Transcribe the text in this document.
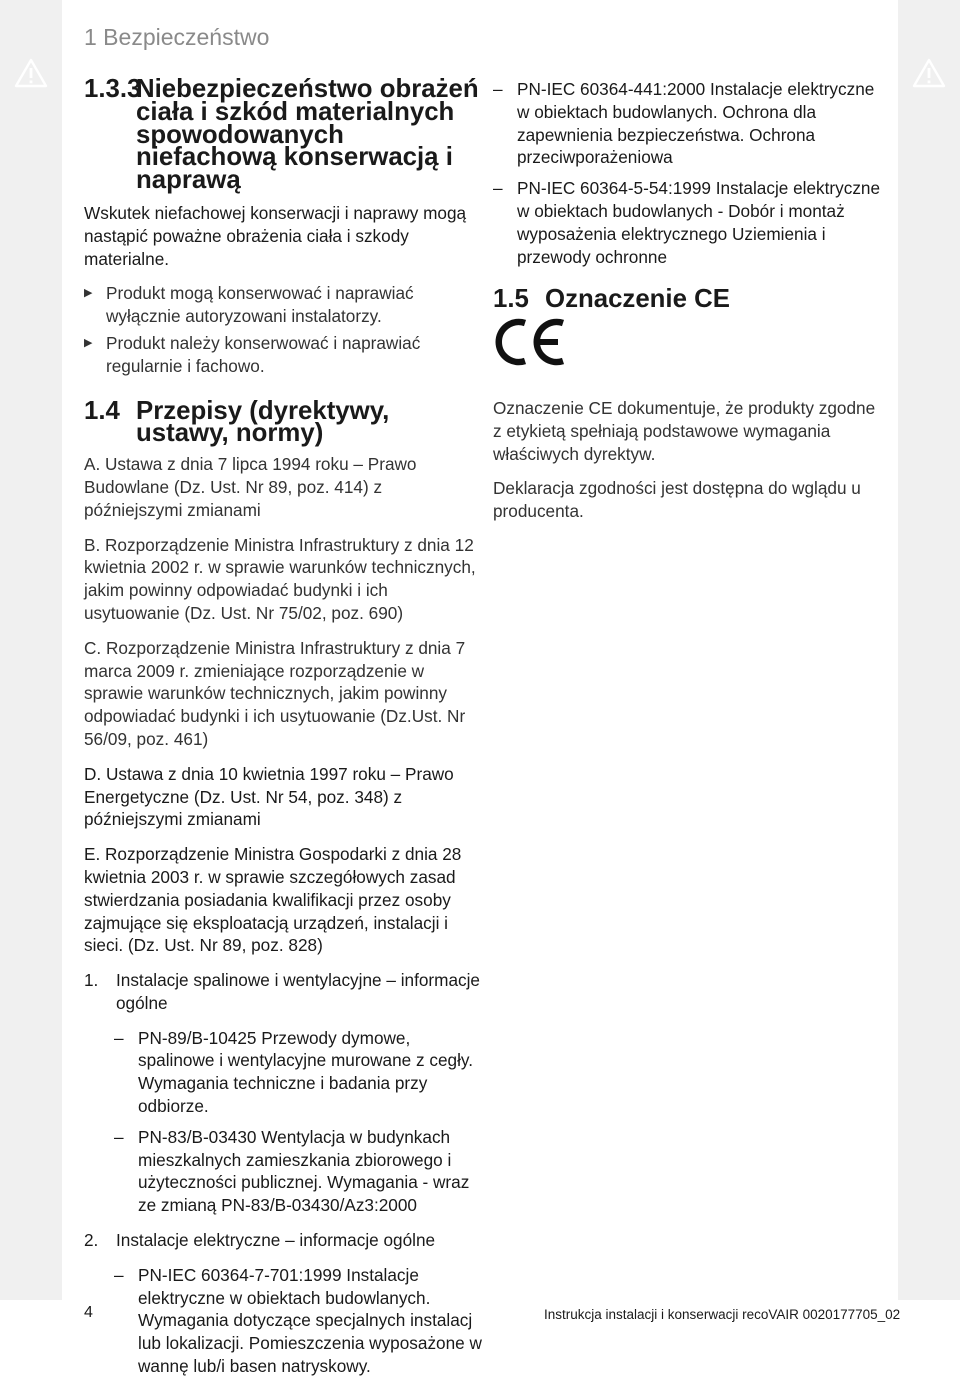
1 Bezpieczeństwo
1.3.3
Niebezpieczeństwo obrażeń ciała i szkód materialnych spowodowanych niefachową konserwacją i naprawą

Wskutek niefachowej konserwacji i naprawy mogą nastąpić poważne obrażenia ciała i szkody materialne.

▶ Produkt mogą konserwować i naprawiać wyłącznie autoryzowani instalatorzy.
▶ Produkt należy konserwować i naprawiać regularnie i fachowo.
1.4 Przepisy (dyrektywy, ustawy, normy)

A. Ustawa z dnia 7 lipca 1994 roku – Prawo Budowlane (Dz. Ust. Nr 89, poz. 414) z późniejszymi zmianami

B. Rozporządzenie Ministra Infrastruktury z dnia 12 kwietnia 2002 r. w sprawie warunków technicznych, jakim powinny odpowiadać budynki i ich usytuowanie (Dz. Ust. Nr 75/02, poz. 690)

C. Rozporządzenie Ministra Infrastruktury z dnia 7 marca 2009 r. zmieniające rozporządzenie w sprawie warunków technicznych, jakim powinny odpowiadać budynki i ich usytuowanie (Dz.Ust. Nr 56/09, poz. 461)

D. Ustawa z dnia 10 kwietnia 1997 roku – Prawo Energetyczne (Dz. Ust. Nr 54, poz. 348) z późniejszymi zmianami

E. Rozporządzenie Ministra Gospodarki z dnia 28 kwietnia 2003 r. w sprawie szczegółowych zasad stwierdzania posiadania kwalifikacji przez osoby zajmujące się eksploatacją urządzeń, instalacji i sieci. (Dz. Ust. Nr 89, poz. 828)

1.	Instalacje spalinowe i wentylacyjne – informacje ogólne
– PN-89/B-10425 Przewody dymowe, spalinowe i wentylacyjne murowane z cegły. Wymagania techniczne i badania przy odbiorze.
– PN-83/B-03430 Wentylacja w budynkach mieszkalnych zamieszkania zbiorowego i użyteczności publicznej. Wymagania - wraz ze zmianą PN-83/B-03430/Az3:2000
2.	Instalacje elektryczne – informacje ogólne
– PN-IEC 60364-7-701:1999 Instalacje elektryczne w obiektach budowlanych. Wymagania dotyczące specjalnych instalacj lub lokalizacji. Pomieszczenia wyposażone w wannę lub/i basen natryskowy.
– PN-IEC 60364-441:2000 Instalacje elektryczne w obiektach budowlanych. Ochrona dla zapewnienia bezpieczeństwa. Ochrona przeciwporażeniowa
– PN-IEC 60364-5-54:1999 Instalacje elektryczne w obiektach budowlanych - Dobór i montaż wyposażenia elektrycznego Uziemienia i przewody ochronne
1.5 Oznaczenie CE

Oznaczenie CE dokumentuje, że produkty zgodne z etykietą spełniają podstawowe wymagania właściwych dyrektyw.

Deklaracja zgodności jest dostępna do wglądu u producenta.

4	Instrukcja instalacji i konserwacji recoVAIR 0020177705_02
